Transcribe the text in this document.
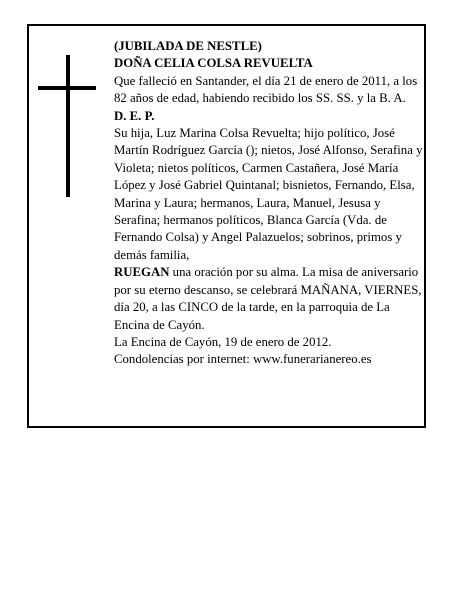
(JUBILADA DE NESTLE)

DOÑA CELIA COLSA REVUELTA

Que falleció en Santander, el día 21 de enero de 2011, a los 82 años de edad, habiendo recibido los SS. SS. y la B. A.

D. E. P.

Su hija, Luz Marina Colsa Revuelta; hijo político, José Martín Rodríguez García (); nietos, José Alfonso, Serafina y Violeta; nietos políticos, Carmen Castañera, José María López y José Gabriel Quintanal; bisnietos, Fernando, Elsa, Marina y Laura; hermanos, Laura, Manuel, Jesusa y Serafina; hermanos políticos, Blanca García (Vda. de Fernando Colsa) y Angel Palazuelos; sobrinos, primos y demás familia,

RUEGAN una oración por su alma. La misa de aniversario por su eterno descanso, se celebrará MAÑANA, VIERNES, día 20, a las CINCO de la tarde, en la parroquia de La Encina de Cayón.

La Encina de Cayón, 19 de enero de 2012.

Condolencias por internet: www.funerarianereo.es
